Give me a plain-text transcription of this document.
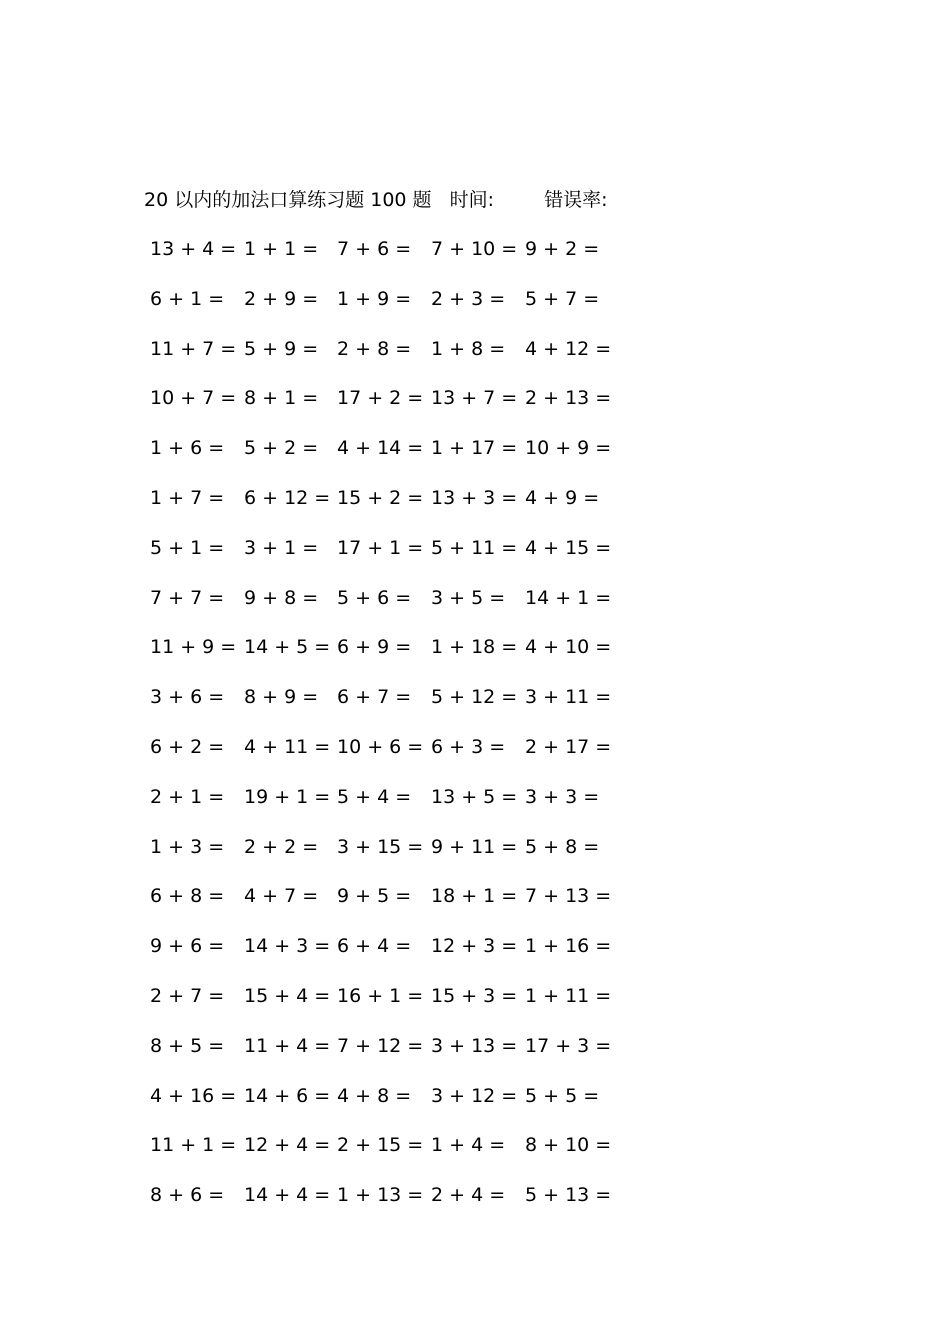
20 以内的加法口算练习题 100 题 时间:	错误率:
13 + 4 = 1 + 1 = 7 + 6 = 7 + 10 = 9 + 2 =
6 + 1 = 2 + 9 = 1 + 9 = 2 + 3 = 5 + 7 =
11 + 7 = 5 + 9 = 2 + 8 = 1 + 8 = 4 + 12 =
10 + 7 = 8 + 1 = 17 + 2 = 13 + 7 = 2 + 13 =
1 + 6 = 5 + 2 = 4 + 14 = 1 + 17 = 10 + 9 =
1 + 7 = 6 + 12 = 15 + 2 = 13 + 3 = 4 + 9 =
5 + 1 = 3 + 1 = 17 + 1 = 5 + 11 = 4 + 15 =
7 + 7 = 9 + 8 = 5 + 6 = 3 + 5 = 14 + 1 =
11 + 9 = 14 + 5 = 6 + 9 = 1 + 18 = 4 + 10 =
3 + 6 = 8 + 9 = 6 + 7 = 5 + 12 = 3 + 11 =
6 + 2 = 4 + 11 = 10 + 6 = 6 + 3 = 2 + 17 =
2 + 1 = 19 + 1 = 5 + 4 = 13 + 5 = 3 + 3 =
1 + 3 = 2 + 2 = 3 + 15 = 9 + 11 = 5 + 8 =
6 + 8 = 4 + 7 = 9 + 5 = 18 + 1 = 7 + 13 =
9 + 6 = 14 + 3 = 6 + 4 = 12 + 3 = 1 + 16 =
2 + 7 = 15 + 4 = 16 + 1 = 15 + 3 = 1 + 11 =
8 + 5 = 11 + 4 = 7 + 12 = 3 + 13 = 17 + 3 =
4 + 16 = 14 + 6 = 4 + 8 = 3 + 12 = 5 + 5 =
11 + 1 = 12 + 4 = 2 + 15 = 1 + 4 = 8 + 10 =
8 + 6 = 14 + 4 = 1 + 13 = 2 + 4 = 5 + 13 =
